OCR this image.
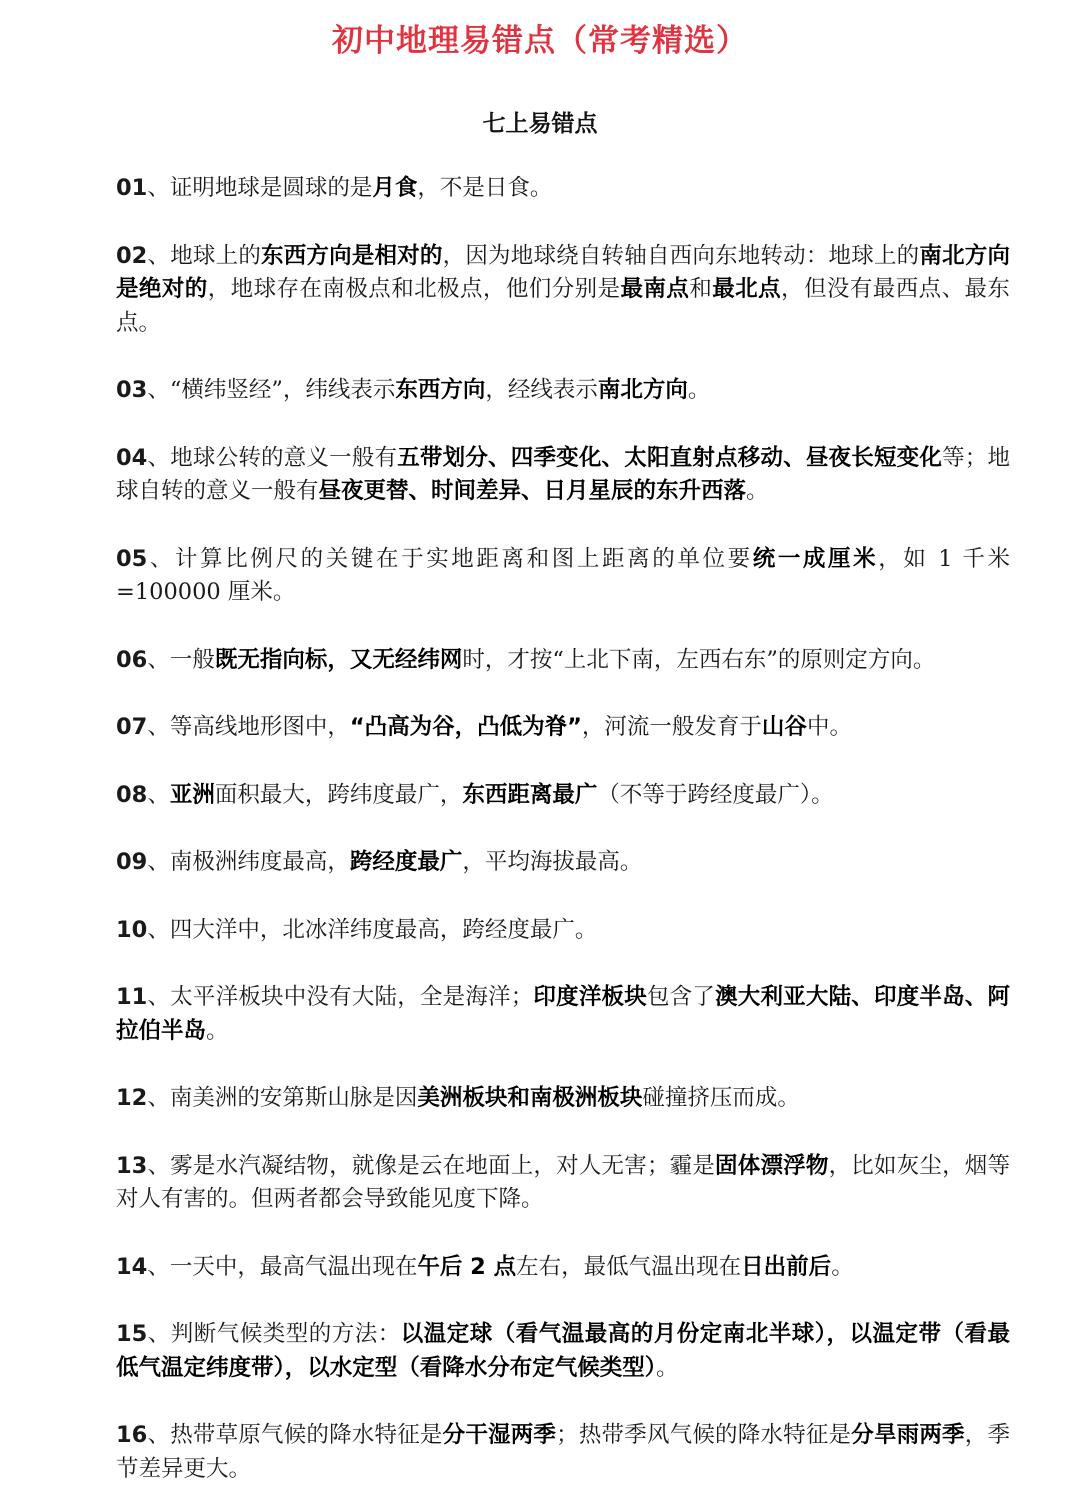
初中地理易错点（常考精选）
七上易错点

01、证明地球是圆球的是月食，不是日食。

02、地球上的东西方向是相对的，因为地球绕自转轴自西向东地转动：地球上的南北方向是绝对的，地球存在南极点和北极点，他们分别是最南点和最北点，但没有最西点、最东点。

03、“横纬竖经”，纬线表示东西方向，经线表示南北方向。

04、地球公转的意义一般有五带划分、四季变化、太阳直射点移动、昼夜长短变化等；地球自转的意义一般有昼夜更替、时间差异、日月星辰的东升西落。

05、计算比例尺的关键在于实地距离和图上距离的单位要统一成厘米，如 1 千米=100000 厘米。

06、一般既无指向标，又无经纬网时，才按“上北下南，左西右东”的原则定方向。

07、等高线地形图中，“凸高为谷，凸低为脊”，河流一般发育于山谷中。

08、亚洲面积最大，跨纬度最广，东西距离最广（不等于跨经度最广）。

09、南极洲纬度最高，跨经度最广，平均海拔最高。

10、四大洋中，北冰洋纬度最高，跨经度最广。

11、太平洋板块中没有大陆，全是海洋；印度洋板块包含了澳大利亚大陆、印度半岛、阿拉伯半岛。

12、南美洲的安第斯山脉是因美洲板块和南极洲板块碰撞挤压而成。

13、雾是水汽凝结物，就像是云在地面上，对人无害；霾是固体漂浮物，比如灰尘，烟等对人有害的。但两者都会导致能见度下降。

14、一天中，最高气温出现在午后 2 点左右，最低气温出现在日出前后。

15、判断气候类型的方法：以温定球（看气温最高的月份定南北半球），以温定带（看最低气温定纬度带），以水定型（看降水分布定气候类型）。

16、热带草原气候的降水特征是分干湿两季；热带季风气候的降水特征是分旱雨两季，季节差异更大。
